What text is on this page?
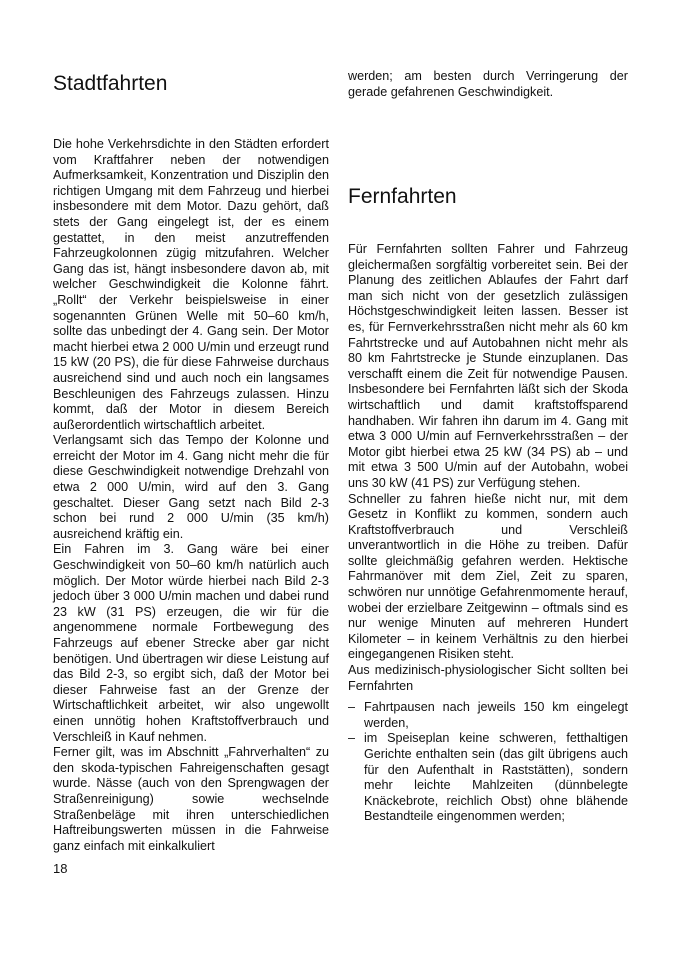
Stadtfahrten

Die hohe Verkehrsdichte in den Städten erfordert vom Kraftfahrer neben der notwendigen Aufmerksamkeit, Konzentration und Disziplin den richtigen Umgang mit dem Fahrzeug und hierbei insbesondere mit dem Motor. Dazu gehört, daß stets der Gang eingelegt ist, der es einem gestattet, in den meist anzutreffenden Fahrzeugkolonnen zügig mitzufahren. Welcher Gang das ist, hängt insbesondere davon ab, mit welcher Geschwindigkeit die Kolonne fährt. „Rollt“ der Verkehr beispielsweise in einer sogenannten Grünen Welle mit 50–60 km/h, sollte das unbedingt der 4. Gang sein. Der Motor macht hierbei etwa 2 000 U/min und erzeugt rund 15 kW (20 PS), die für diese Fahrweise durchaus ausreichend sind und auch noch ein langsames Beschleunigen des Fahrzeugs zulassen. Hinzu kommt, daß der Motor in diesem Bereich außerordentlich wirtschaftlich arbeitet.

Verlangsamt sich das Tempo der Kolonne und erreicht der Motor im 4. Gang nicht mehr die für diese Geschwindigkeit notwendige Drehzahl von etwa 2 000 U/min, wird auf den 3. Gang geschaltet. Dieser Gang setzt nach Bild 2-3 schon bei rund 2 000 U/min (35 km/h) ausreichend kräftig ein.

Ein Fahren im 3. Gang wäre bei einer Geschwindigkeit von 50–60 km/h natürlich auch möglich. Der Motor würde hierbei nach Bild 2-3 jedoch über 3 000 U/min machen und dabei rund 23 kW (31 PS) erzeugen, die wir für die angenommene normale Fortbewegung des Fahrzeugs auf ebener Strecke aber gar nicht benötigen. Und übertragen wir diese Leistung auf das Bild 2-3, so ergibt sich, daß der Motor bei dieser Fahrweise fast an der Grenze der Wirtschaftlichkeit arbeitet, wir also ungewollt einen unnötig hohen Kraftstoffverbrauch und Verschleiß in Kauf nehmen.

Ferner gilt, was im Abschnitt „Fahrverhalten“ zu den skoda-typischen Fahreigenschaften gesagt wurde. Nässe (auch von den Sprengwagen der Straßenreinigung) sowie wechselnde Straßenbeläge mit ihren unterschiedlichen Haftreibungswerten müssen in die Fahrweise ganz einfach mit einkalkuliert

werden; am besten durch Verringerung der gerade gefahrenen Geschwindigkeit.

Fernfahrten

Für Fernfahrten sollten Fahrer und Fahrzeug gleichermaßen sorgfältig vorbereitet sein. Bei der Planung des zeitlichen Ablaufes der Fahrt darf man sich nicht von der gesetzlich zulässigen Höchstgeschwindigkeit leiten lassen. Besser ist es, für Fernverkehrsstraßen nicht mehr als 60 km Fahrtstrecke und auf Autobahnen nicht mehr als 80 km Fahrtstrecke je Stunde einzuplanen. Das verschafft einem die Zeit für notwendige Pausen. Insbesondere bei Fernfahrten läßt sich der Skoda wirtschaftlich und damit kraftstoffsparend handhaben. Wir fahren ihn darum im 4. Gang mit etwa 3 000 U/min auf Fernverkehrsstraßen – der Motor gibt hierbei etwa 25 kW (34 PS) ab – und mit etwa 3 500 U/min auf der Autobahn, wobei uns 30 kW (41 PS) zur Verfügung stehen.

Schneller zu fahren hieße nicht nur, mit dem Gesetz in Konflikt zu kommen, sondern auch Kraftstoffverbrauch und Verschleiß unverantwortlich in die Höhe zu treiben. Dafür sollte gleichmäßig gefahren werden. Hektische Fahrmanöver mit dem Ziel, Zeit zu sparen, schwören nur unnötige Gefahrenmomente herauf, wobei der erzielbare Zeitgewinn – oftmals sind es nur wenige Minuten auf mehreren Hundert Kilometer – in keinem Verhältnis zu den hierbei eingegangenen Risiken steht.

Aus medizinisch-physiologischer Sicht sollten bei Fernfahrten

– Fahrtpausen nach jeweils 150 km eingelegt werden,
– im Speiseplan keine schweren, fetthaltigen Gerichte enthalten sein (das gilt übrigens auch für den Aufenthalt in Raststätten), sondern mehr leichte Mahlzeiten (dünnbelegte Knäckebrote, reichlich Obst) ohne blähende Bestandteile eingenommen werden;
18
